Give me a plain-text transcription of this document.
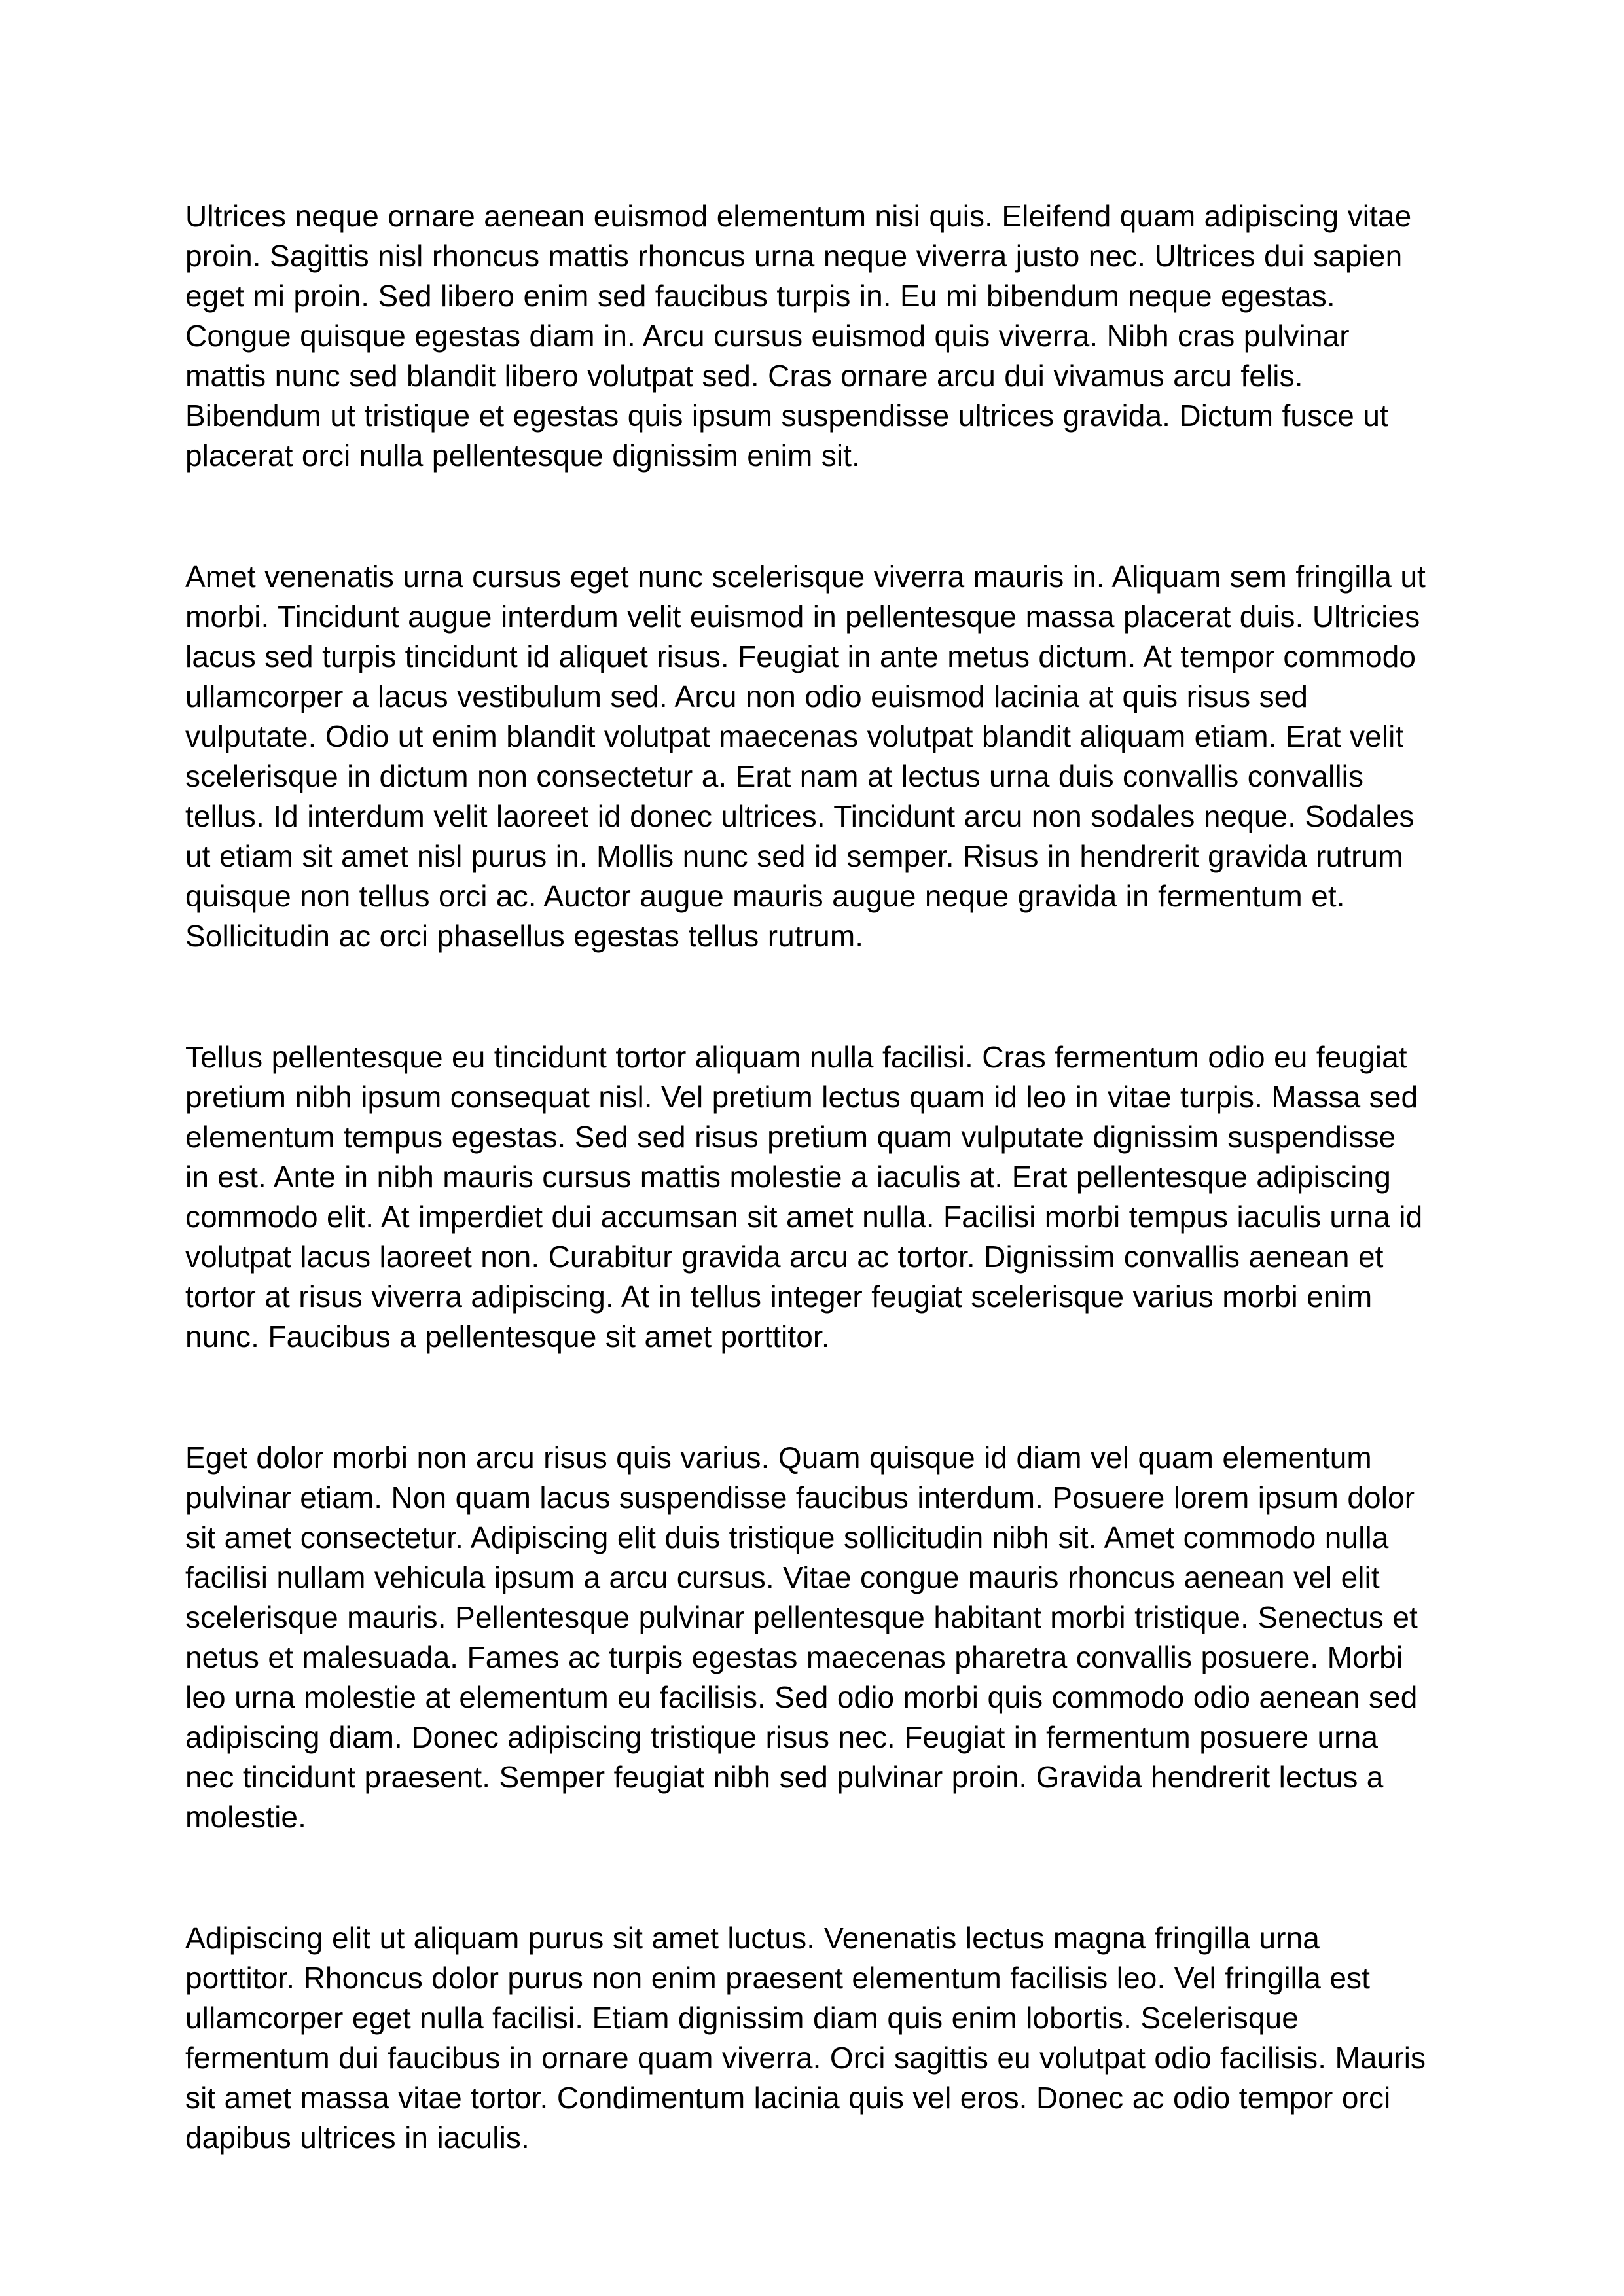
Ultrices neque ornare aenean euismod elementum nisi quis. Eleifend quam adipiscing vitae proin. Sagittis nisl rhoncus mattis rhoncus urna neque viverra justo nec. Ultrices dui sapien eget mi proin. Sed libero enim sed faucibus turpis in. Eu mi bibendum neque egestas. Congue quisque egestas diam in. Arcu cursus euismod quis viverra. Nibh cras pulvinar mattis nunc sed blandit libero volutpat sed. Cras ornare arcu dui vivamus arcu felis. Bibendum ut tristique et egestas quis ipsum suspendisse ultrices gravida. Dictum fusce ut placerat orci nulla pellentesque dignissim enim sit.

Amet venenatis urna cursus eget nunc scelerisque viverra mauris in. Aliquam sem fringilla ut morbi. Tincidunt augue interdum velit euismod in pellentesque massa placerat duis. Ultricies lacus sed turpis tincidunt id aliquet risus. Feugiat in ante metus dictum. At tempor commodo ullamcorper a lacus vestibulum sed. Arcu non odio euismod lacinia at quis risus sed vulputate. Odio ut enim blandit volutpat maecenas volutpat blandit aliquam etiam. Erat velit scelerisque in dictum non consectetur a. Erat nam at lectus urna duis convallis convallis tellus. Id interdum velit laoreet id donec ultrices. Tincidunt arcu non sodales neque. Sodales ut etiam sit amet nisl purus in. Mollis nunc sed id semper. Risus in hendrerit gravida rutrum quisque non tellus orci ac. Auctor augue mauris augue neque gravida in fermentum et. Sollicitudin ac orci phasellus egestas tellus rutrum.

Tellus pellentesque eu tincidunt tortor aliquam nulla facilisi. Cras fermentum odio eu feugiat pretium nibh ipsum consequat nisl. Vel pretium lectus quam id leo in vitae turpis. Massa sed elementum tempus egestas. Sed sed risus pretium quam vulputate dignissim suspendisse in est. Ante in nibh mauris cursus mattis molestie a iaculis at. Erat pellentesque adipiscing commodo elit. At imperdiet dui accumsan sit amet nulla. Facilisi morbi tempus iaculis urna id volutpat lacus laoreet non. Curabitur gravida arcu ac tortor. Dignissim convallis aenean et tortor at risus viverra adipiscing. At in tellus integer feugiat scelerisque varius morbi enim nunc. Faucibus a pellentesque sit amet porttitor.

Eget dolor morbi non arcu risus quis varius. Quam quisque id diam vel quam elementum pulvinar etiam. Non quam lacus suspendisse faucibus interdum. Posuere lorem ipsum dolor sit amet consectetur. Adipiscing elit duis tristique sollicitudin nibh sit. Amet commodo nulla facilisi nullam vehicula ipsum a arcu cursus. Vitae congue mauris rhoncus aenean vel elit scelerisque mauris. Pellentesque pulvinar pellentesque habitant morbi tristique. Senectus et netus et malesuada. Fames ac turpis egestas maecenas pharetra convallis posuere. Morbi leo urna molestie at elementum eu facilisis. Sed odio morbi quis commodo odio aenean sed adipiscing diam. Donec adipiscing tristique risus nec. Feugiat in fermentum posuere urna nec tincidunt praesent. Semper feugiat nibh sed pulvinar proin. Gravida hendrerit lectus a molestie.

Adipiscing elit ut aliquam purus sit amet luctus. Venenatis lectus magna fringilla urna porttitor. Rhoncus dolor purus non enim praesent elementum facilisis leo. Vel fringilla est ullamcorper eget nulla facilisi. Etiam dignissim diam quis enim lobortis. Scelerisque fermentum dui faucibus in ornare quam viverra. Orci sagittis eu volutpat odio facilisis. Mauris sit amet massa vitae tortor. Condimentum lacinia quis vel eros. Donec ac odio tempor orci dapibus ultrices in iaculis.
